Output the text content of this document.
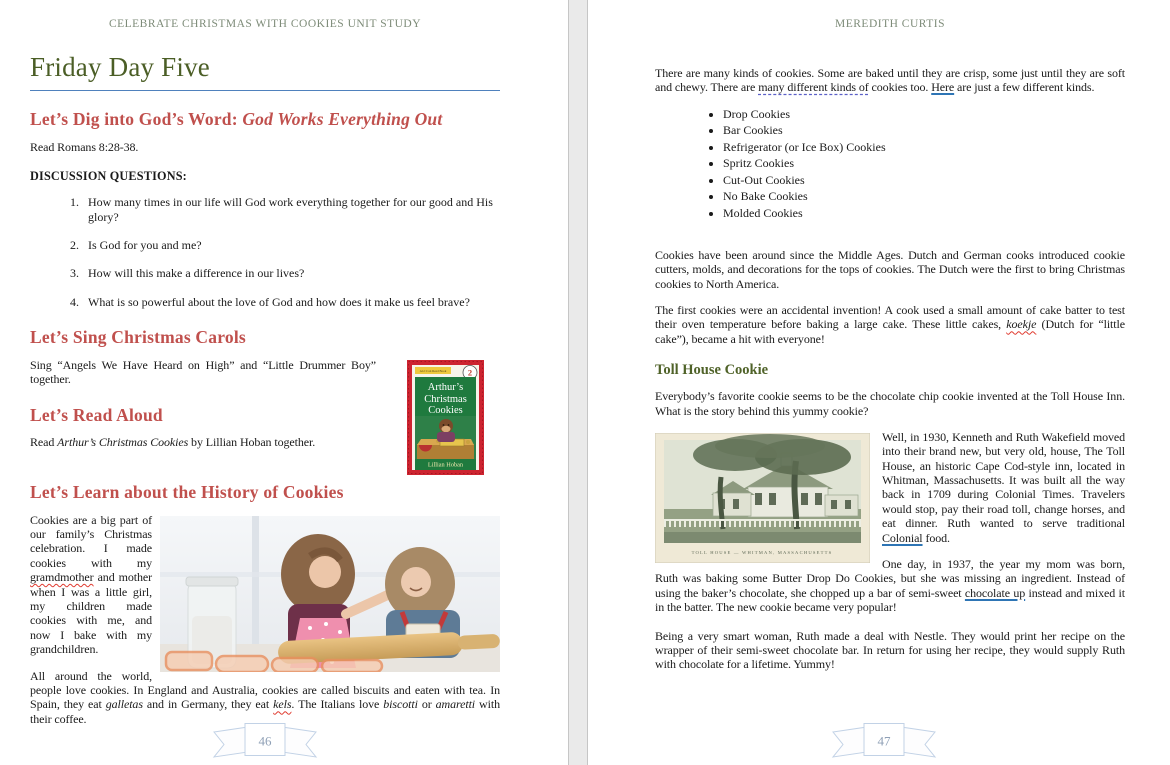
CELEBRATE CHRISTMAS WITH COOKIES UNIT STUDY
Friday Day Five
Let’s Dig into God’s Word: God Works Everything Out

Read Romans 8:28-38.

DISCUSSION QUESTIONS:
1. How many times in our life will God work everything together for our good and His glory?
2. Is God for you and me?
3. How will this make a difference in our lives?
4. What is so powerful about the love of God and how does it make us feel brave?
Let’s Sing Christmas Carols
An I Can Read Book	2
Arthur’s
Christmas
Cookies
Lillian Hoban

Sing “Angels We Have Heard on High” and “Little Drummer Boy” together.

Let’s Read Aloud

Read Arthur’s Christmas Cookies by Lillian Hoban together.

Let’s Learn about the History of Cookies

Cookies are a big part of our family’s Christmas celebration. I made cookies with my gramdmother and mother when I was a little girl, my children made cookies with me, and now I bake with my grandchildren.

All around the world, people love cookies. In England and Australia, cookies are called biscuits and eaten with tea. In Spain, they eat galletas and in Germany, they eat kels. The Italians love biscotti or amaretti with their coffee.

46
MEREDITH CURTIS

There are many kinds of cookies. Some are baked until they are crisp, some just until they are soft and chewy. There are many different kinds of cookies too. Here are just a few different kinds.

• Drop Cookies
• Bar Cookies
• Refrigerator (or Ice Box) Cookies
• Spritz Cookies
• Cut-Out Cookies
• No Bake Cookies
• Molded Cookies

Cookies have been around since the Middle Ages. Dutch and German cooks introduced cookie cutters, molds, and decorations for the tops of cookies. The Dutch were the first to bring Christmas cookies to North America.

The first cookies were an accidental invention! A cook used a small amount of cake batter to test their oven temperature before baking a large cake. These little cakes, koekje (Dutch for “little cake”), became a hit with everyone!

Toll House Cookie

Everybody’s favorite cookie seems to be the chocolate chip cookie invented at the Toll House Inn. What is the story behind this yummy cookie?

TOLL HOUSE — WHITMAN, MASSACHUSETTS

Well, in 1930, Kenneth and Ruth Wakefield moved into their brand new, but very old, house, The Toll House, an historic Cape Cod-style inn, located in Whitman, Massachusetts. It was built all the way back in 1709 during Colonial Times. Travelers would stop, pay their road toll, change horses, and eat dinner. Ruth wanted to serve traditional Colonial food.

One day, in 1937, the year my mom was born, Ruth was baking some Butter Drop Do Cookies, but she was missing an ingredient. Instead of using the baker’s chocolate, she chopped up a bar of semi-sweet chocolate up instead and mixed it in the batter. The new cookie became very popular!

Being a very smart woman, Ruth made a deal with Nestle. They would print her recipe on the wrapper of their semi-sweet chocolate bar. In return for using her recipe, they would supply Ruth with chocolate for a lifetime. Yummy!

47
